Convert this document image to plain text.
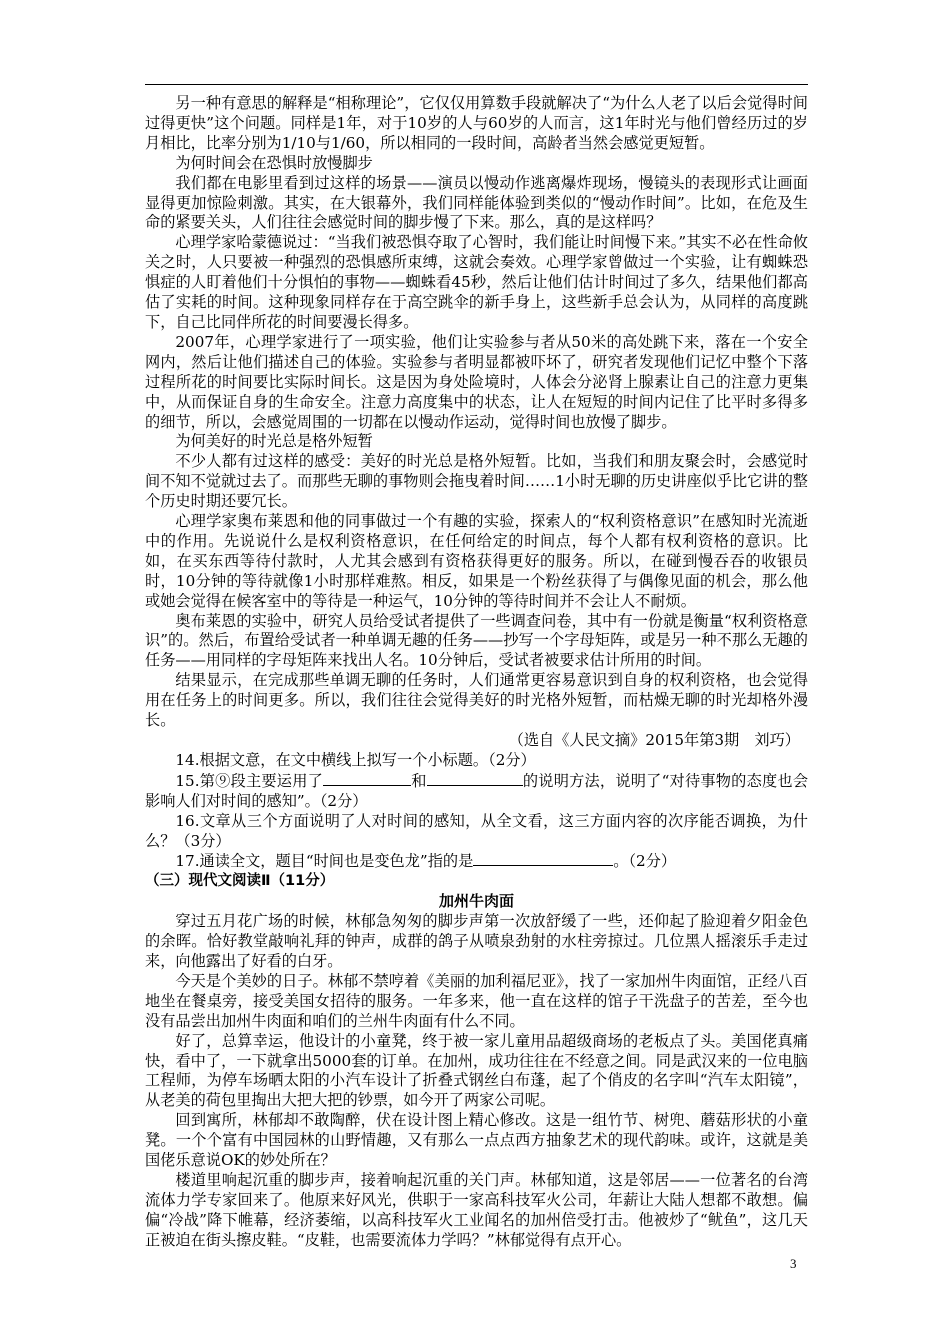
另一种有意思的解释是“相称理论”，它仅仅用算数手段就解决了“为什么人老了以后会觉得时间过得更快”这个问题。同样是1年，对于10岁的人与60岁的人而言，这1年时光与他们曾经历过的岁月相比，比率分别为1/10与1/60，所以相同的一段时间，高龄者当然会感觉更短暂。

为何时间会在恐惧时放慢脚步

我们都在电影里看到过这样的场景——演员以慢动作逃离爆炸现场，慢镜头的表现形式让画面显得更加惊险刺激。其实，在大银幕外，我们同样能体验到类似的“慢动作时间”。比如，在危及生命的紧要关头，人们往往会感觉时间的脚步慢了下来。那么，真的是这样吗？

心理学家哈蒙德说过：“当我们被恐惧夺取了心智时，我们能让时间慢下来。”其实不必在性命攸关之时，人只要被一种强烈的恐惧感所束缚，这就会奏效。心理学家曾做过一个实验，让有蜘蛛恐惧症的人盯着他们十分惧怕的事物——蜘蛛看45秒，然后让他们估计时间过了多久，结果他们都高估了实耗的时间。这种现象同样存在于高空跳伞的新手身上，这些新手总会认为，从同样的高度跳下，自己比同伴所花的时间要漫长得多。

2007年，心理学家进行了一项实验，他们让实验参与者从50米的高处跳下来，落在一个安全网内，然后让他们描述自己的体验。实验参与者明显都被吓坏了，研究者发现他们记忆中整个下落过程所花的时间要比实际时间长。这是因为身处险境时，人体会分泌肾上腺素让自己的注意力更集中，从而保证自身的生命安全。注意力高度集中的状态，让人在短短的时间内记住了比平时多得多的细节，所以，会感觉周围的一切都在以慢动作运动，觉得时间也放慢了脚步。

为何美好的时光总是格外短暂

不少人都有过这样的感受：美好的时光总是格外短暂。比如，当我们和朋友聚会时，会感觉时间不知不觉就过去了。而那些无聊的事物则会拖曳着时间……1小时无聊的历史讲座似乎比它讲的整个历史时期还要冗长。

心理学家奥布莱恩和他的同事做过一个有趣的实验，探索人的“权利资格意识”在感知时光流逝中的作用。先说说什么是权利资格意识，在任何给定的时间点，每个人都有权利资格的意识。比如，在买东西等待付款时，人尤其会感到有资格获得更好的服务。所以，在碰到慢吞吞的收银员时，10分钟的等待就像1小时那样难熬。相反，如果是一个粉丝获得了与偶像见面的机会，那么他或她会觉得在候客室中的等待是一种运气，10分钟的等待时间并不会让人不耐烦。

奥布莱恩的实验中，研究人员给受试者提供了一些调查问卷，其中有一份就是衡量“权利资格意识”的。然后，布置给受试者一种单调无趣的任务——抄写一个字母矩阵，或是另一种不那么无趣的任务——用同样的字母矩阵来找出人名。10分钟后，受试者被要求估计所用的时间。

结果显示，在完成那些单调无聊的任务时，人们通常更容易意识到自身的权利资格，也会觉得用在任务上的时间更多。所以，我们往往会觉得美好的时光格外短暂，而枯燥无聊的时光却格外漫长。

（选自《人民文摘》2015年第3期　刘巧）

14.根据文意，在文中横线上拟写一个小标题。（2分）

15.第⑨段主要运用了	和	的说明方法，说明了“对待事物的态度也会影响人们对时间的感知”。（2分）

16.文章从三个方面说明了人对时间的感知，从全文看，这三方面内容的次序能否调换，为什么？（3分）

17.通读全文，题目“时间也是变色龙”指的是	。（2分）

（三）现代文阅读Ⅱ（11分）

加州牛肉面

穿过五月花广场的时候，林郁急匆匆的脚步声第一次放舒缓了一些，还仰起了脸迎着夕阳金色的余晖。恰好教堂敲响礼拜的钟声，成群的鸽子从喷泉劲射的水柱旁掠过。几位黑人摇滚乐手走过来，向他露出了好看的白牙。

今天是个美妙的日子。林郁不禁哼着《美丽的加利福尼亚》，找了一家加州牛肉面馆，正经八百地坐在餐桌旁，接受美国女招待的服务。一年多来，他一直在这样的馆子干洗盘子的苦差，至今也没有品尝出加州牛肉面和咱们的兰州牛肉面有什么不同。

好了，总算幸运，他设计的小童凳，终于被一家儿童用品超级商场的老板点了头。美国佬真痛快，看中了，一下就拿出5000套的订单。在加州，成功往往在不经意之间。同是武汉来的一位电脑工程师，为停车场晒太阳的小汽车设计了折叠式钢丝白布蓬，起了个俏皮的名字叫“汽车太阳镜”，从老美的荷包里掏出大把大把的钞票，如今开了两家公司呢。

回到寓所，林郁却不敢陶醉，伏在设计图上精心修改。这是一组竹节、树兜、蘑菇形状的小童凳。一个个富有中国园林的山野情趣，又有那么一点点西方抽象艺术的现代韵味。或许，这就是美国佬乐意说OK的妙处所在？

楼道里响起沉重的脚步声，接着响起沉重的关门声。林郁知道，这是邻居——一位著名的台湾流体力学专家回来了。他原来好风光，供职于一家高科技军火公司，年薪让大陆人想都不敢想。偏偏“冷战”降下帷幕，经济萎缩，以高科技军火工业闻名的加州倍受打击。他被炒了“鱿鱼”，这几天正被迫在街头擦皮鞋。“皮鞋，也需要流体力学吗？”林郁觉得有点开心。

3
